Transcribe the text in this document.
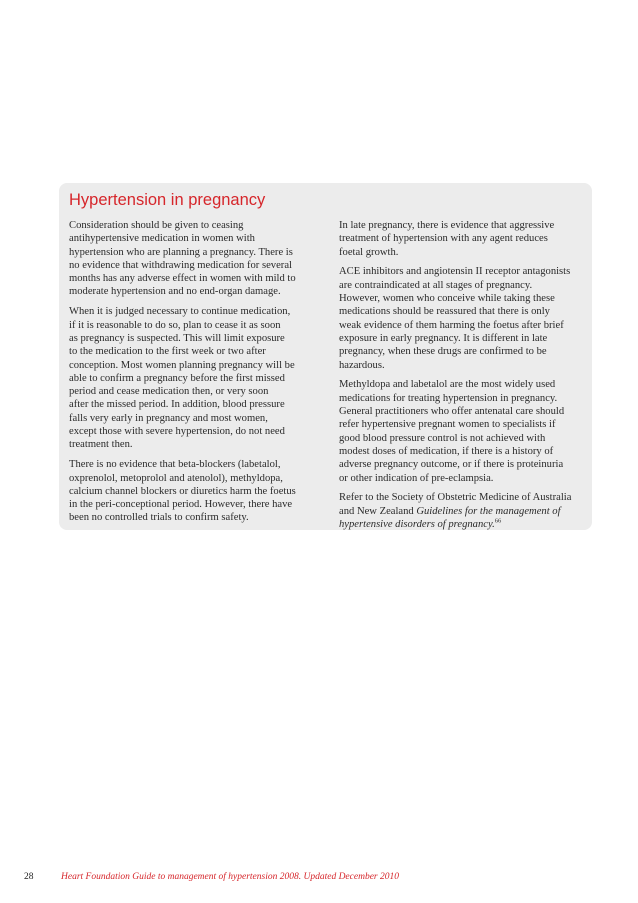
Hypertension in pregnancy

Consideration should be given to ceasing
antihypertensive medication in women with
hypertension who are planning a pregnancy. There is
no evidence that withdrawing medication for several
months has any adverse effect in women with mild to
moderate hypertension and no end-organ damage.

When it is judged necessary to continue medication,
if it is reasonable to do so, plan to cease it as soon
as pregnancy is suspected. This will limit exposure
to the medication to the first week or two after
conception. Most women planning pregnancy will be
able to confirm a pregnancy before the first missed
period and cease medication then, or very soon
after the missed period. In addition, blood pressure
falls very early in pregnancy and most women,
except those with severe hypertension, do not need
treatment then.

There is no evidence that beta-blockers (labetalol,
oxprenolol, metoprolol and atenolol), methyldopa,
calcium channel blockers or diuretics harm the foetus
in the peri-conceptional period. However, there have
been no controlled trials to confirm safety.

In late pregnancy, there is evidence that aggressive
treatment of hypertension with any agent reduces
foetal growth.

ACE inhibitors and angiotensin II receptor antagonists
are contraindicated at all stages of pregnancy.
However, women who conceive while taking these
medications should be reassured that there is only
weak evidence of them harming the foetus after brief
exposure in early pregnancy. It is different in late
pregnancy, when these drugs are confirmed to be
hazardous.

Methyldopa and labetalol are the most widely used
medications for treating hypertension in pregnancy.
General practitioners who offer antenatal care should
refer hypertensive pregnant women to specialists if
good blood pressure control is not achieved with
modest doses of medication, if there is a history of
adverse pregnancy outcome, or if there is proteinuria
or other indication of pre-eclampsia.

Refer to the Society of Obstetric Medicine of Australia
and New Zealand Guidelines for the management of
hypertensive disorders of pregnancy.$^{66}$

28	Heart Foundation Guide to management of hypertension 2008. Updated December 2010
